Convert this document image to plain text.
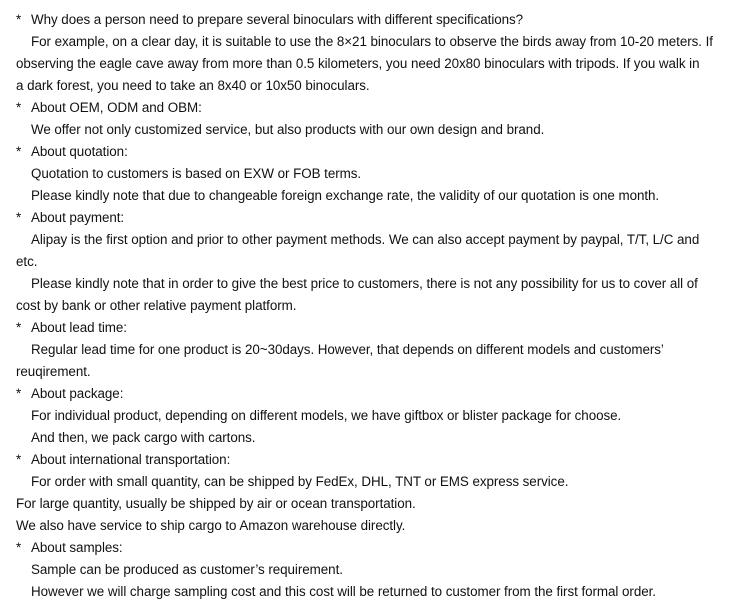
* Why does a person need to prepare several binoculars with different specifications?
For example, on a clear day, it is suitable to use the 8×21 binoculars to observe the birds away from 10-20 meters. If
observing the eagle cave away from more than 0.5 kilometers, you need 20x80 binoculars with tripods. If you walk in
a dark forest, you need to take an 8x40 or 10x50 binoculars.
* About OEM, ODM and OBM:
We offer not only customized service, but also products with our own design and brand.
* About quotation:
Quotation to customers is based on EXW or FOB terms.
Please kindly note that due to changeable foreign exchange rate, the validity of our quotation is one month.
* About payment:
Alipay is the first option and prior to other payment methods. We can also accept payment by paypal, T/T, L/C and
etc.
Please kindly note that in order to give the best price to customers, there is not any possibility for us to cover all of
cost by bank or other relative payment platform.
* About lead time:
Regular lead time for one product is 20~30days. However, that depends on different models and customers’
reuqirement.
* About package:
For individual product, depending on different models, we have giftbox or blister package for choose.
And then, we pack cargo with cartons.
* About international transportation:
For order with small quantity, can be shipped by FedEx, DHL, TNT or EMS express service.
For large quantity, usually be shipped by air or ocean transportation.
We also have service to ship cargo to Amazon warehouse directly.
* About samples:
Sample can be produced as customer’s requirement.
However we will charge sampling cost and this cost will be returned to customer from the first formal order.
